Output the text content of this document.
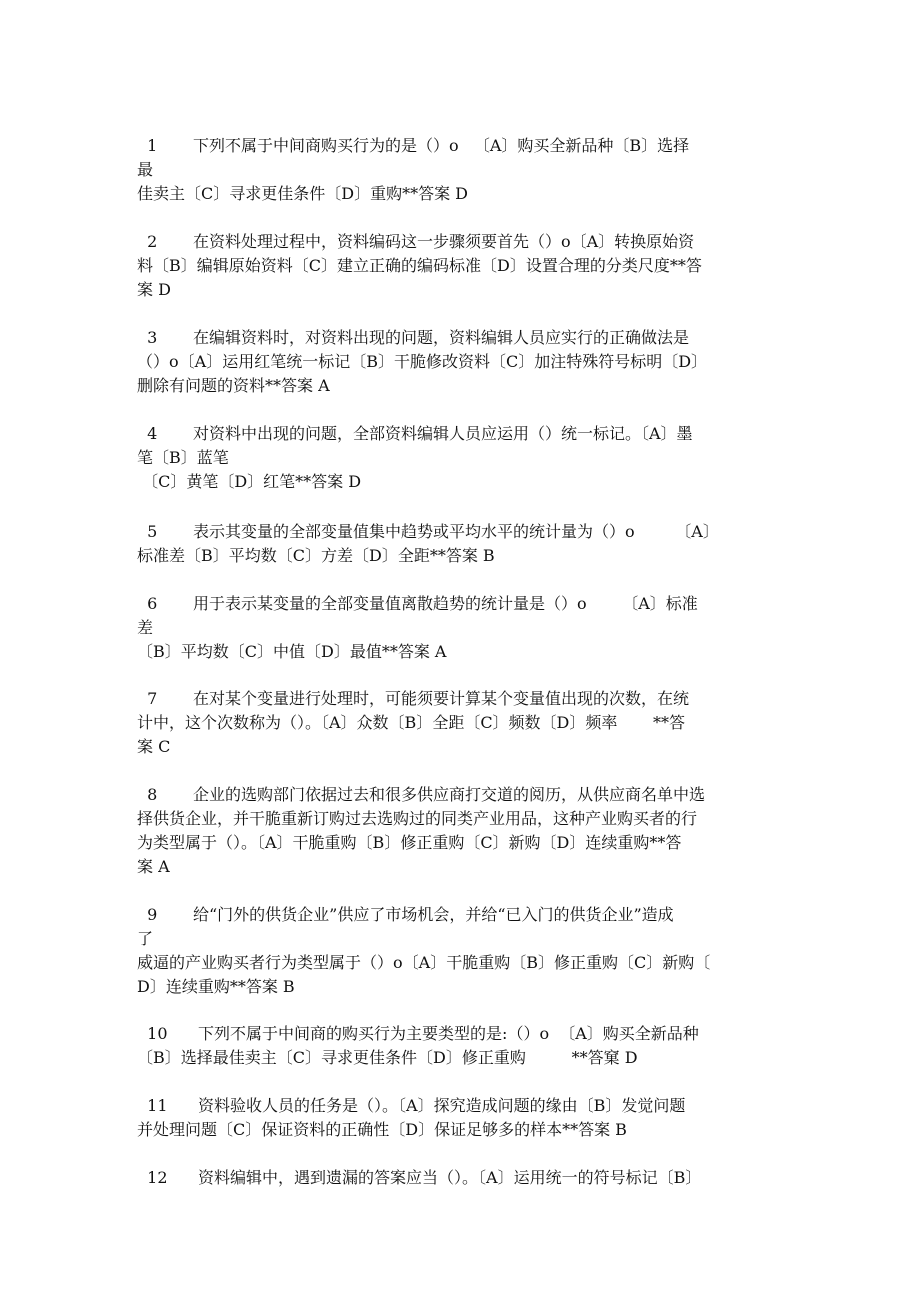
1       下列不属于中间商购买行为的是（）o   〔A〕购买全新品种〔B〕选择
最
佳卖主〔C〕寻求更佳条件〔D〕重购**答案 D
2       在资料处理过程中，资料编码这一步骤须要首先（）o〔A〕转换原始资
料〔B〕编辑原始资料〔C〕建立正确的编码标准〔D〕设置合理的分类尺度**答
案 D
3       在编辑资料时，对资料出现的问题，资料编辑人员应实行的正确做法是
（）o〔A〕运用红笔统一标记〔B〕干脆修改资料〔C〕加注特殊符号标明〔D〕
删除有问题的资料**答案 A
4       对资料中出现的问题，全部资料编辑人员应运用（）统一标记。〔A〕墨
笔〔B〕蓝笔
〔C〕黄笔〔D〕红笔**答案 D
5       表示其变量的全部变量值集中趋势或平均水平的统计量为（）o        〔A〕
标准差〔B〕平均数〔C〕方差〔D〕全距**答案 B
6       用于表示某变量的全部变量值离散趋势的统计量是（）o       〔A〕标准
差
〔B〕平均数〔C〕中值〔D〕最值**答案 A
7       在对某个变量进行处理时，可能须要计算某个变量值出现的次数，在统
计中，这个次数称为（）。〔A〕众数〔B〕全距〔C〕频数〔D〕频率       **答
案 C
8       企业的选购部门依据过去和很多供应商打交道的阅历，从供应商名单中选
择供货企业，并干脆重新订购过去选购过的同类产业用品，这种产业购买者的行
为类型属于（）。〔A〕干脆重购〔B〕修正重购〔C〕新购〔D〕连续重购**答
案 A
9       给“门外的供货企业”供应了市场机会，并给“已入门的供货企业”造成
了
威逼的产业购买者行为类型属于（）o〔A〕干脆重购〔B〕修正重购〔C〕新购〔
D〕连续重购**答案 B
10      下列不属于中间商的购买行为主要类型的是:（）o  〔A〕购买全新品种
〔B〕选择最佳卖主〔C〕寻求更佳条件〔D〕修正重购         **答窠 D
11      资料验收人员的任务是（）。〔A〕探究造成问题的缘由〔B〕发觉问题
并处理问题〔C〕保证资料的正确性〔D〕保证足够多的样本**答案 B
12      资料编辑中，遇到遗漏的答案应当（）。〔A〕运用统一的符号标记〔B〕
